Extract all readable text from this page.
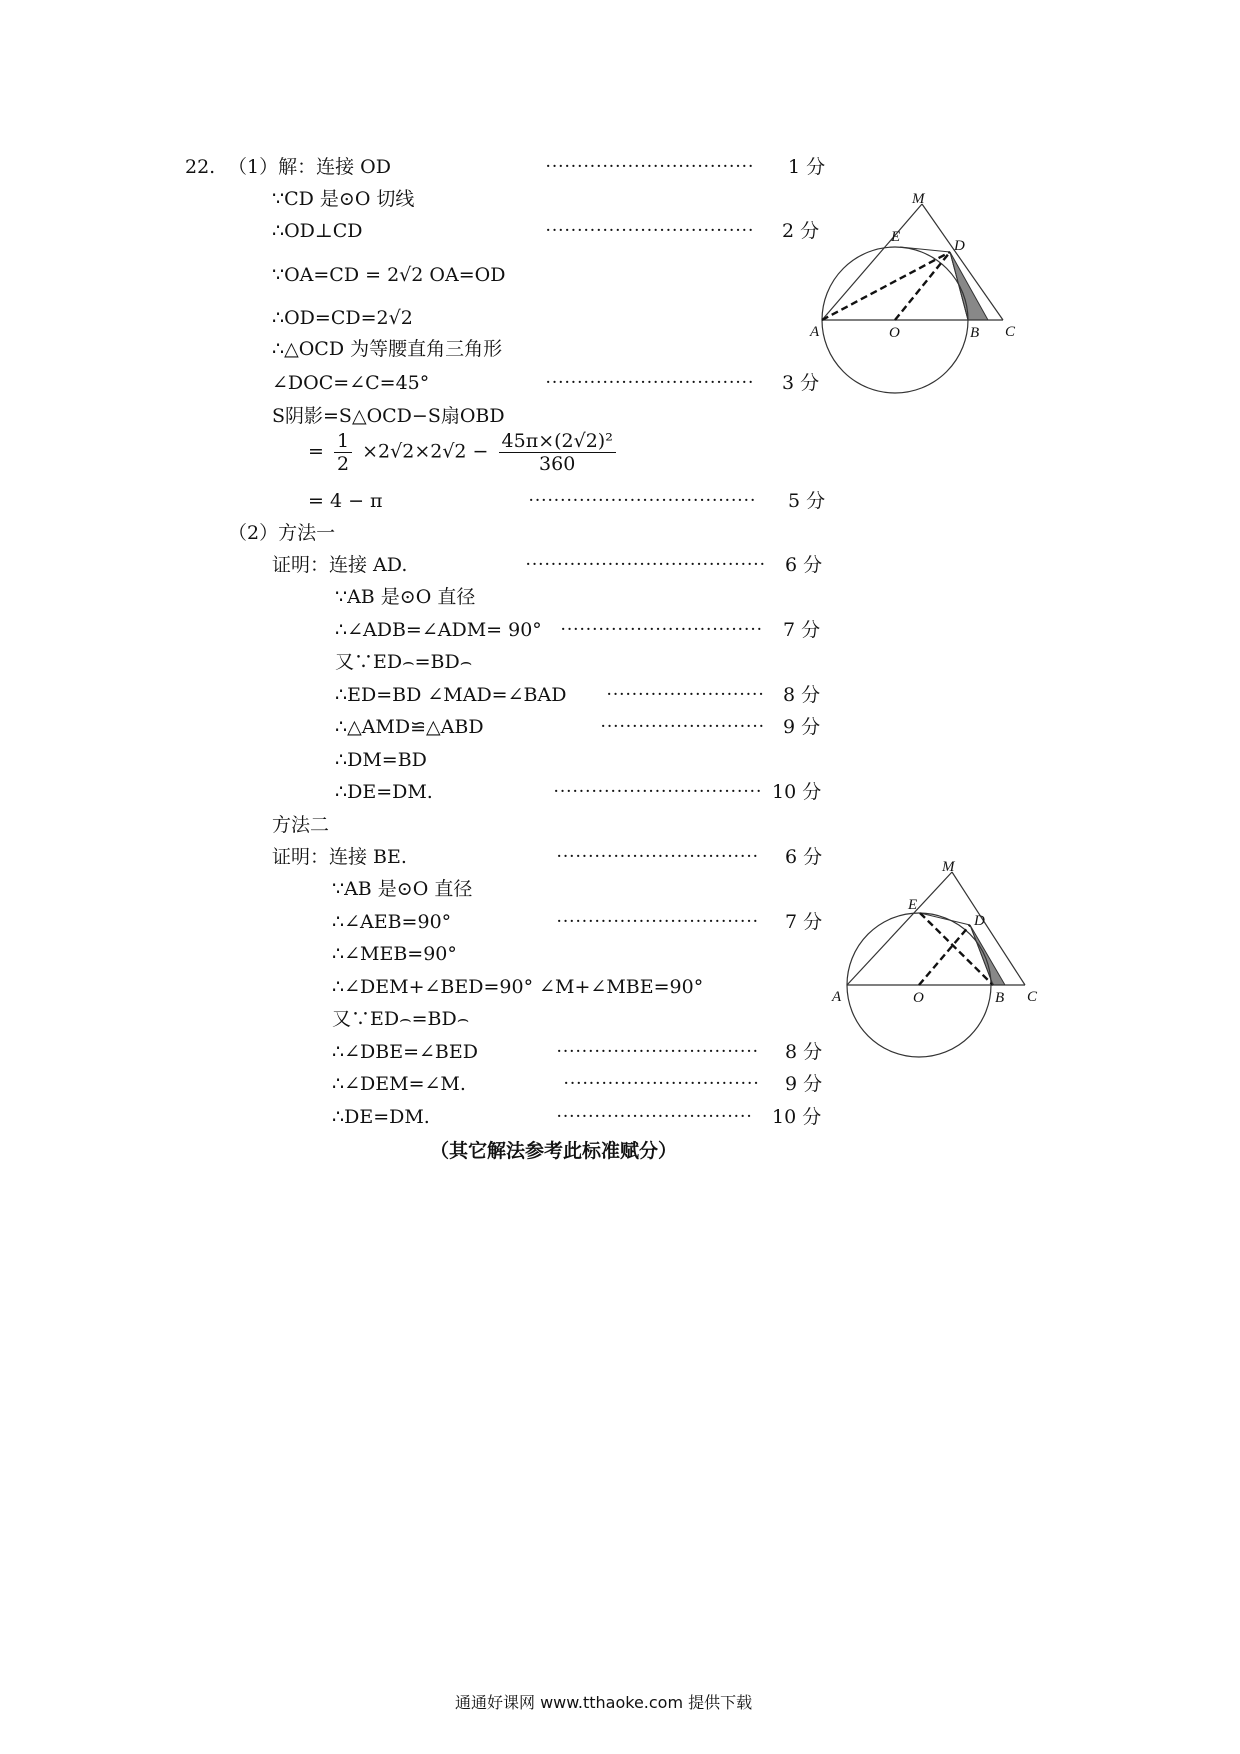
22. （1）解：连接 OD
∵CD 是⊙O 切线
∴OD⊥CD
∵OA=CD = 2√2 OA=OD
∴OD=CD=2√2
∴△OCD 为等腰直角三角形
∠DOC=∠C=45°
S阴影=S△OCD−S扇OBD
= $\frac{1}{2} \times 2√2\times 2√2 - \frac{\text{45π×(2√2)²}}{360}$
= 4 − π
································· 1 分
································· 2 分
································· 3 分
···································· 5 分
M
E
D
A	O	B C
（2）方法一
证明：连接 AD.
∵AB 是⊙O 直径
∴∠ADB=∠ADM= 90°
又∵ED⌢=BD⌢
∴ED=BD ∠MAD=∠BAD
∴△AMD≌△ABD
∴DM=BD
∴DE=DM.
······································ 6 分
································ 7 分
························· 8 分
·························· 9 分
································· 10 分
方法二
证明：连接 BE.
∵AB 是⊙O 直径
∴∠AEB=90°
∴∠MEB=90°
∴∠DEM+∠BED=90° ∠M+∠MBE=90°
又∵ED⌢=BD⌢
∴∠DBE=∠BED
∴∠DEM=∠M.
∴DE=DM.
································ 6 分
································ 7 分
································ 8 分
······························· 9 分
······························· 10 分
M
E
D
A	O	B C
（其它解法参考此标准赋分）
通通好课网 www.tthaoke.com 提供下载
